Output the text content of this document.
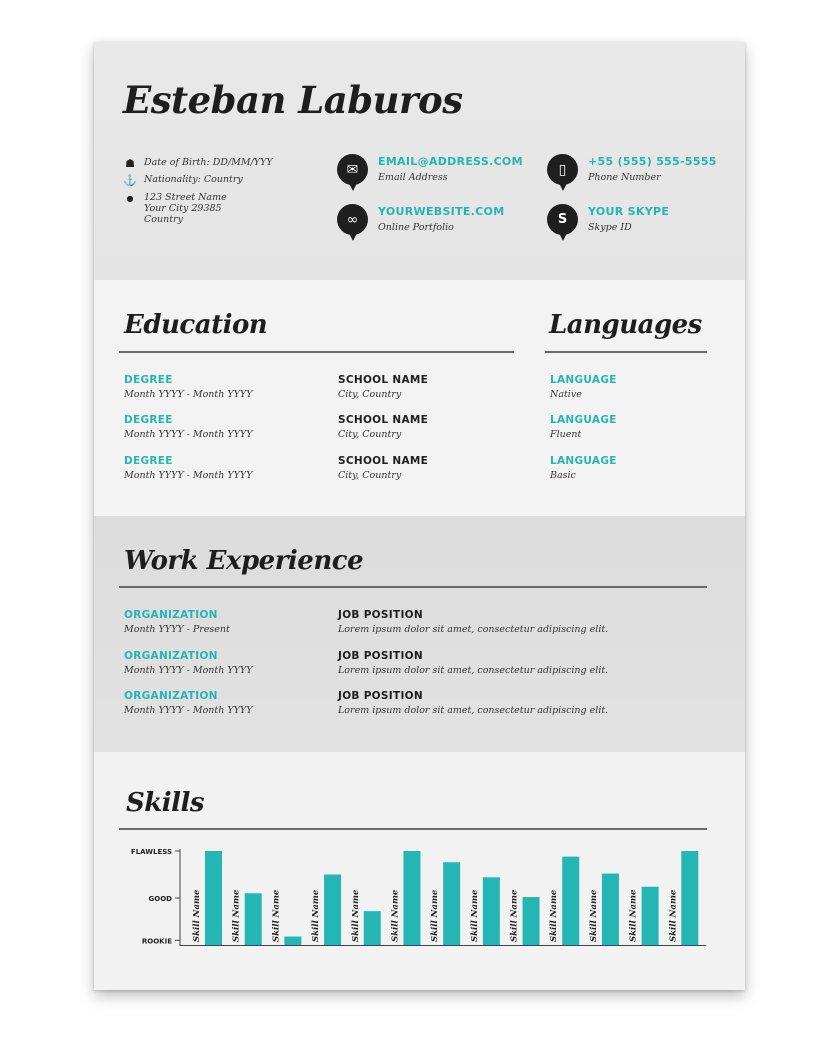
Esteban Laburos
☗ Date of Birth: DD/MM/YYY
⚓ Nationality: Country
●	123 Street Name
Your City 29385
Country
✉	EMAIL@ADDRESS.COM
Email Address
∞	YOURWEBSITE.COM
Online Portfolio
▯	+55 (555) 555-5555
Phone Number
S
YOUR SKYPE
Skype ID
Education
DEGREE
Month YYYY - Month YYYY
SCHOOL NAME
City, Country
DEGREE
Month YYYY - Month YYYY
SCHOOL NAME
City, Country
DEGREE
Month YYYY - Month YYYY
SCHOOL NAME
City, Country
Languages
LANGUAGE
Native
LANGUAGE
Fluent
LANGUAGE
Basic
Work Experience
ORGANIZATION
Month YYYY - Present
JOB POSITION
Lorem ipsum dolor sit amet, consectetur adipiscing elit.
ORGANIZATION
Month YYYY - Month YYYY
JOB POSITION
Lorem ipsum dolor sit amet, consectetur adipiscing elit.
ORGANIZATION
Month YYYY - Month YYYY
JOB POSITION
Lorem ipsum dolor sit amet, consectetur adipiscing elit.
Skills
ROOKIE
GOOD
FLAWLESS
Skill Name	Skill Name	Skill Name	Skill Name	Skill Name	Skill Name	Skill Name	Skill Name	Skill Name	Skill Name	Skill Name	Skill Name	Skill Name
